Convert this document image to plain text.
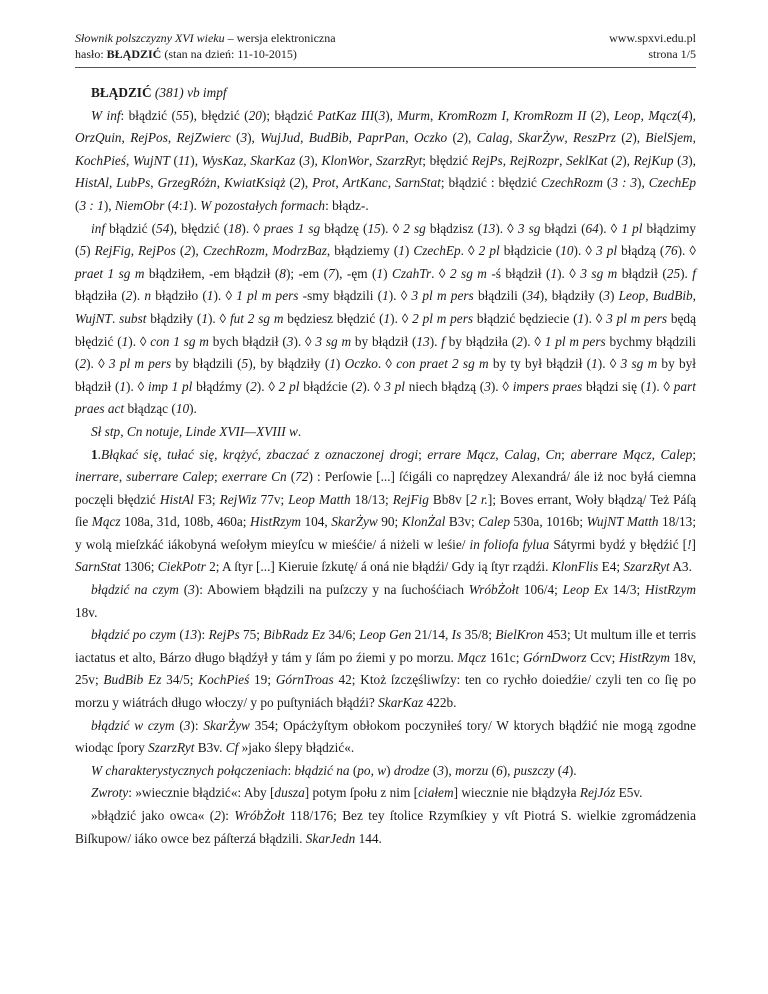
Słownik polszczyzny XVI wieku – wersja elektroniczna
hasło: BŁĄDZIĆ (stan na dzień: 11-10-2015)
www.spxvi.edu.pl
strona 1/5

BŁĄDZIĆ (381) vb impf

W inf: błądzić (55), błędzić (20); błądzić PatKaz III(3), Murm, KromRozm I, KromRozm II (2), Leop, Mącz(4), OrzQuin, RejPos, RejZwierc (3), WujJud, BudBib, PaprPan, Oczko (2), Calag, SkarŻyw, ReszPrz (2), BielSjem, KochPieś, WujNT (11), WysKaz, SkarKaz (3), KlonWor, SzarzRyt; błędzić RejPs, RejRozpr, SeklKat (2), RejKup (3), HistAl, LubPs, GrzegRóżn, KwiatKsiąż (2), Prot, ArtKanc, SarnStat; błądzić : błędzić CzechRozm (3 : 3), CzechEp (3 : 1), NiemObr (4:1). W pozostałych formach: błądz-.

inf błądzić (54), błędzić (18). ◊ praes 1 sg błądzę (15). ◊ 2 sg błądzisz (13). ◊ 3 sg błądzi (64). ◊ 1 pl błądzimy (5) RejFig, RejPos (2), CzechRozm, ModrzBaz, błądziemy (1) CzechEp. ◊ 2 pl błądzicie (10). ◊ 3 pl błądzą (76). ◊ praet 1 sg m błądziłem, -em błądził (8); -em (7), -ęm (1) CzahTr. ◊ 2 sg m -ś błądził (1). ◊ 3 sg m błądził (25). f błądziła (2). n błądziło (1). ◊ 1 pl m pers -smy błądzili (1). ◊ 3 pl m pers błądzili (34), błądziły (3) Leop, BudBib, WujNT. subst błądziły (1). ◊ fut 2 sg m będziesz błędzić (1). ◊ 2 pl m pers błądzić będziecie (1). ◊ 3 pl m pers będą błędzić (1). ◊ con 1 sg m bych błądził (3). ◊ 3 sg m by błądził (13). f by błądziła (2). ◊ 1 pl m pers bychmy błądzili (2). ◊ 3 pl m pers by błądzili (5), by błądziły (1) Oczko. ◊ con praet 2 sg m by ty był błądził (1). ◊ 3 sg m by był błądził (1). ◊ imp 1 pl błądźmy (2). ◊ 2 pl błądźcie (2). ◊ 3 pl niech błądzą (3). ◊ impers praes błądzi się (1). ◊ part praes act błądząc (10).

Sł stp, Cn notuje, Linde XVII—XVIII w.

1.Błąkać się, tułać się, krążyć, zbaczać z oznaczonej drogi; errare Mącz, Calag, Cn; aberrare Mącz, Calep; inerrare, suberrare Calep; exerrare Cn (72) : Perſowie [...] ſćigáli co naprędzey Alexandrá/ ále iż noc byłá ciemna poczęli błędzić HistAl F3; RejWiz 77v; Leop Matth 18/13; RejFig Bb8v [2 r.]; Boves errant, Woły błądzą/ Też Páſą ſie Mącz 108a, 31d, 108b, 460a; HistRzym 104, SkarŻyw 90; KlonŻal B3v; Calep 530a, 1016b; WujNT Matth 18/13; y wolą mieſzkáć iákobyná weſołym mieyſcu w mieśćie/ á niżeli w leśie/ in foliofa fylua Sátyrmi bydź y błędźić [!] SarnStat 1306; CiekPotr 2; A ſtyr [...] Kieruie ſzkutę/ á oná nie błądźi/ Gdy ią ſtyr rządźi. KlonFlis E4; SzarzRyt A3.

błądzić na czym (3): Abowiem błądzili na puſzczy y na ſuchośćiach WróbŻołt 106/4; Leop Ex 14/3; HistRzym 18v.

błądzić po czym (13): RejPs 75; BibRadz Ez 34/6; Leop Gen 21/14, Is 35/8; BielKron 453; Ut multum ille et terris iactatus et alto, Bárzo długo błądźył y tám y ſám po źiemi y po morzu. Mącz 161c; GórnDworz Ccv; HistRzym 18v, 25v; BudBib Ez 34/5; KochPieś 19; GórnTroas 42; Ktoż ſzczęśliwſzy: ten co rychło doiedźie/ czyli ten co ſię po morzu y wiátrách długo włoczy/ y po puſtyniách błądźi? SkarKaz 422b.

błądzić w czym (3): SkarŻyw 354; Opácżyſtym obłokom poczyniłeś tory/ W ktorych błądźić nie mogą zgodne wiodąc ſpory SzarzRyt B3v. Cf »jako ślepy błądzić«.

W charakterystycznych połączeniach: błądzić na (po, w) drodze (3), morzu (6), puszczy (4).

Zwroty: »wiecznie błądzić«: Aby [dusza] potym ſpołu z nim [ciałem] wiecznie nie błądzyła RejJóz E5v.

»błądzić jako owca« (2): WróbŻołt 118/176; Bez tey ſtolice Rzymſkiey y vſt Piotrá S. wielkie zgromádzenia Biſkupow/ iáko owce bez páſterzá błądzili. SkarJedn 144.
